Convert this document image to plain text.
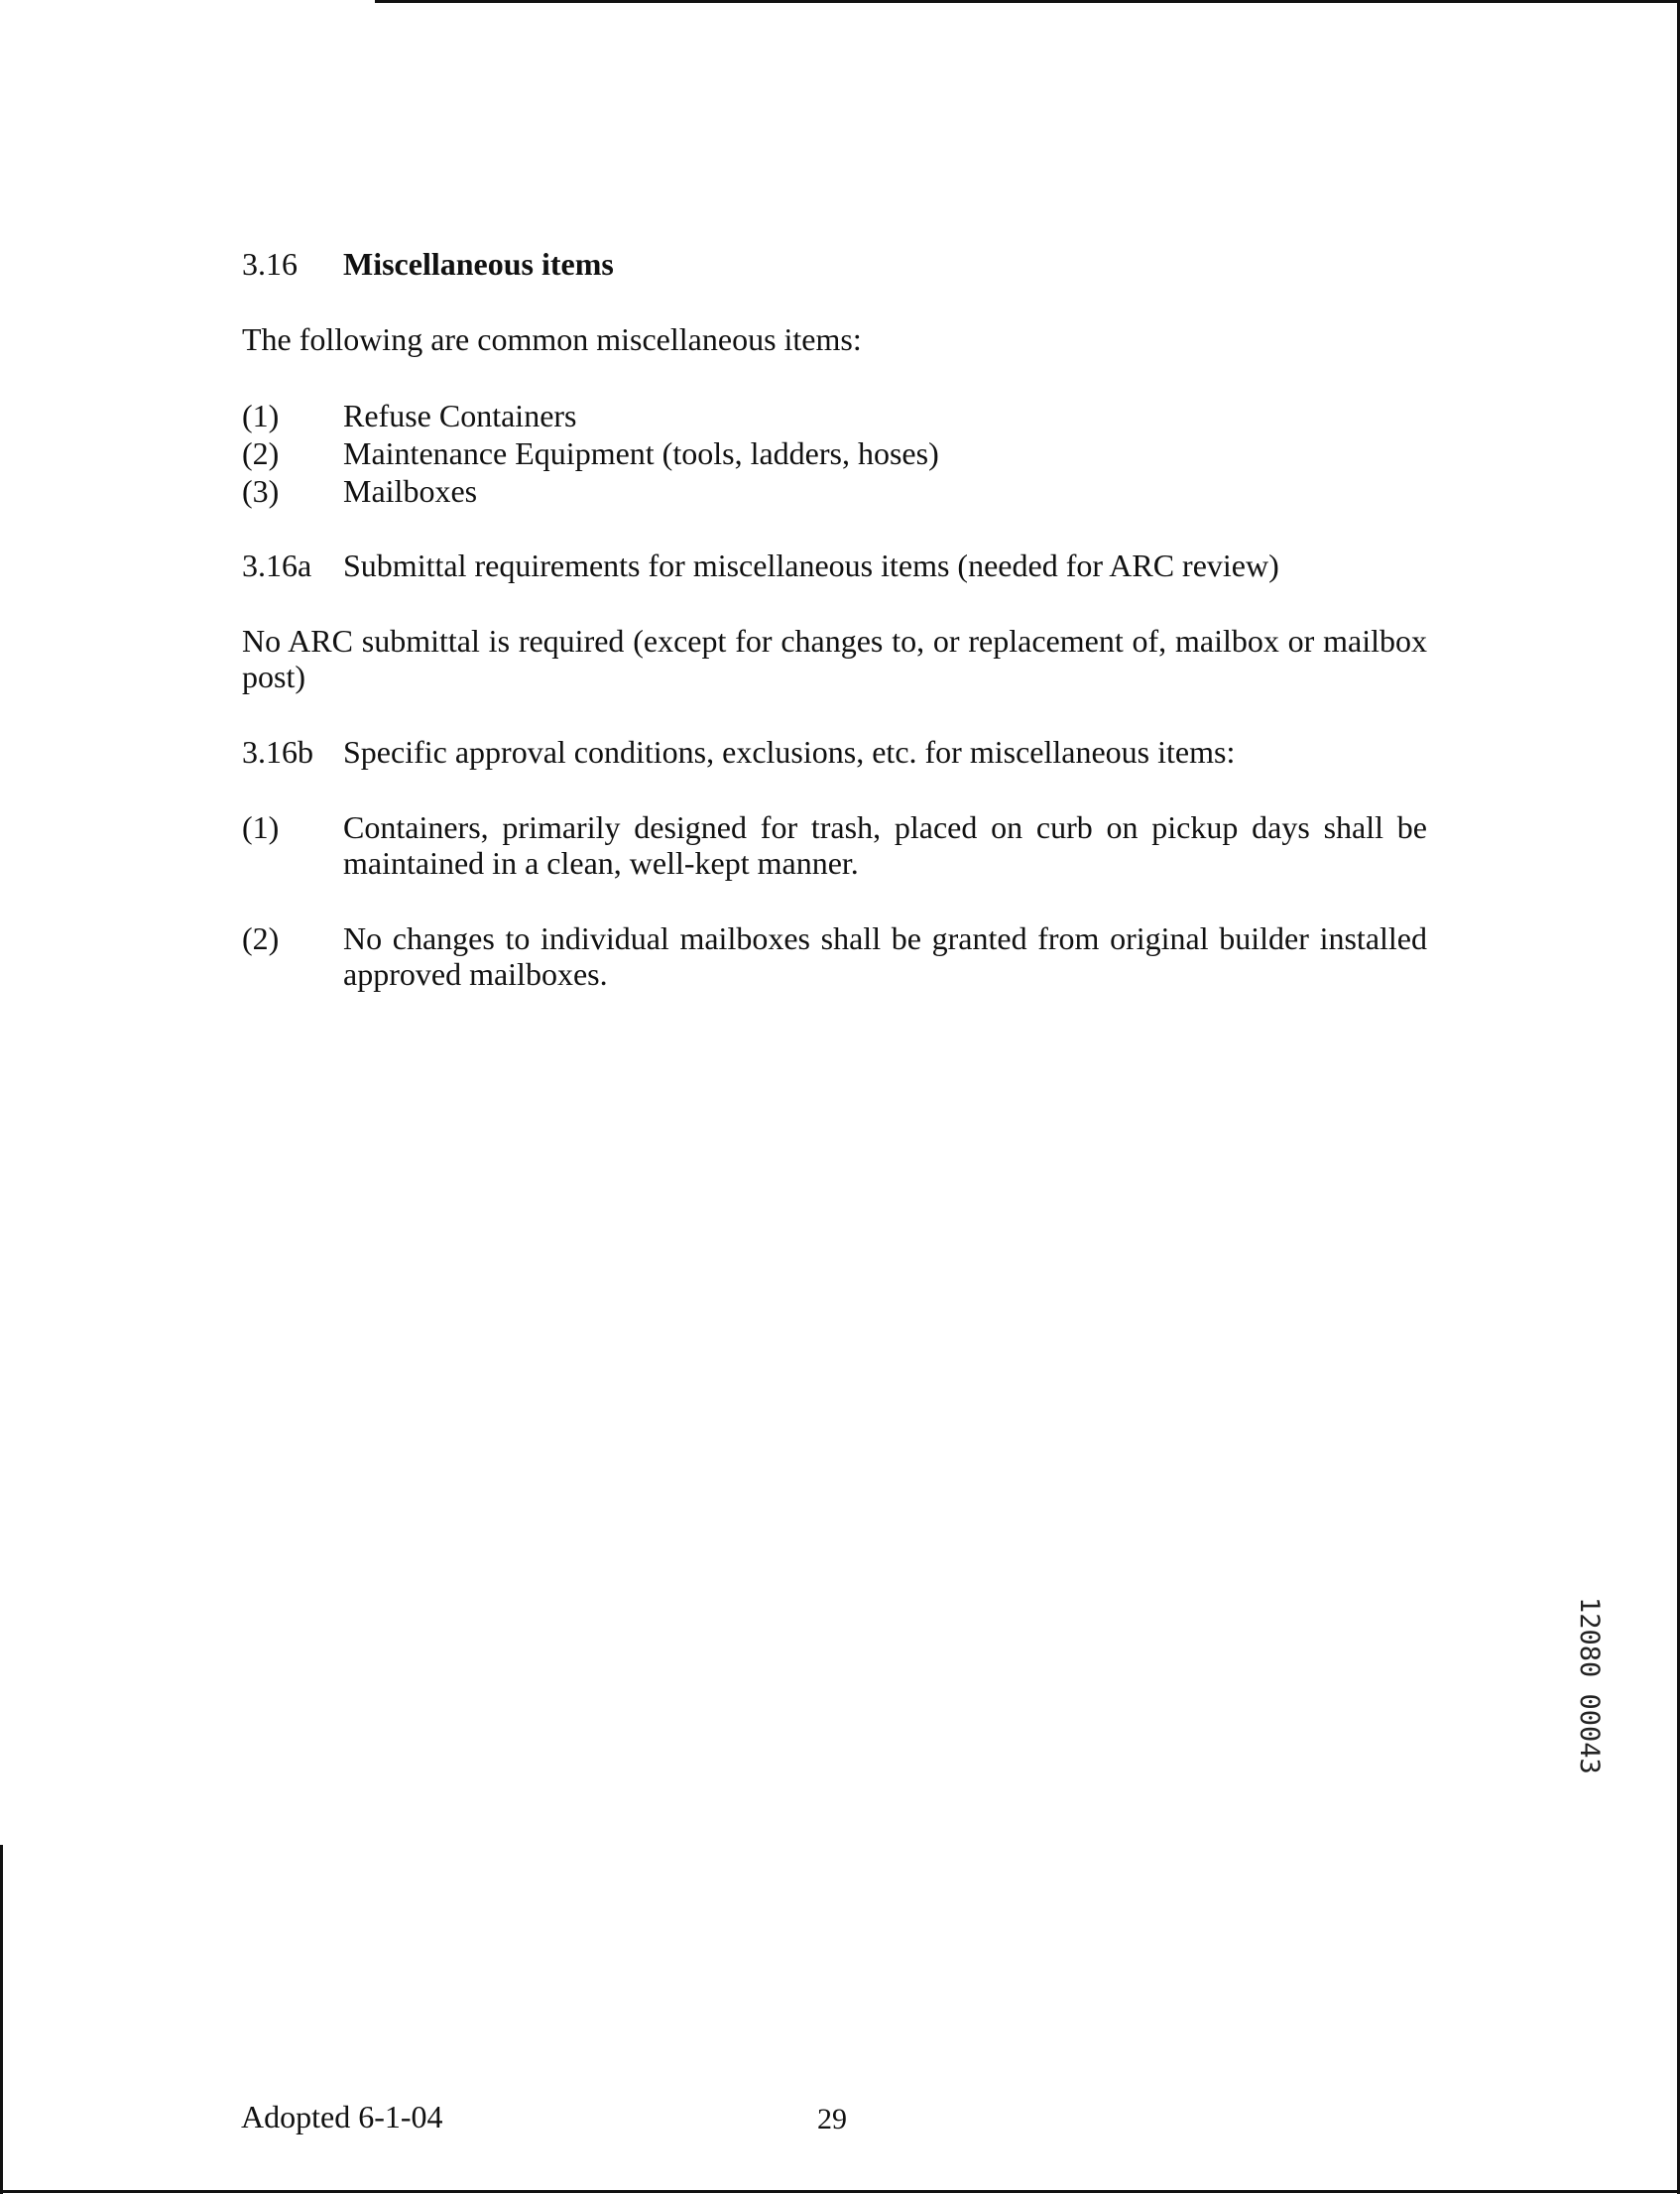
3.16	Miscellaneous items
The following are common miscellaneous items:
(1)	Refuse Containers
(2)	Maintenance Equipment (tools, ladders, hoses)
(3)	Mailboxes
3.16a Submittal requirements for miscellaneous items (needed for ARC review)
No ARC submittal is required (except for changes to, or replacement of, mailbox or mailbox post)
3.16b Specific approval conditions, exclusions, etc. for miscellaneous items:
(1)	Containers, primarily designed for trash, placed on curb on pickup days shall be maintained in a clean, well-kept manner.
(2)	No changes to individual mailboxes shall be granted from original builder installed approved mailboxes.
Adopted 6-1-04	29
12080 00043
